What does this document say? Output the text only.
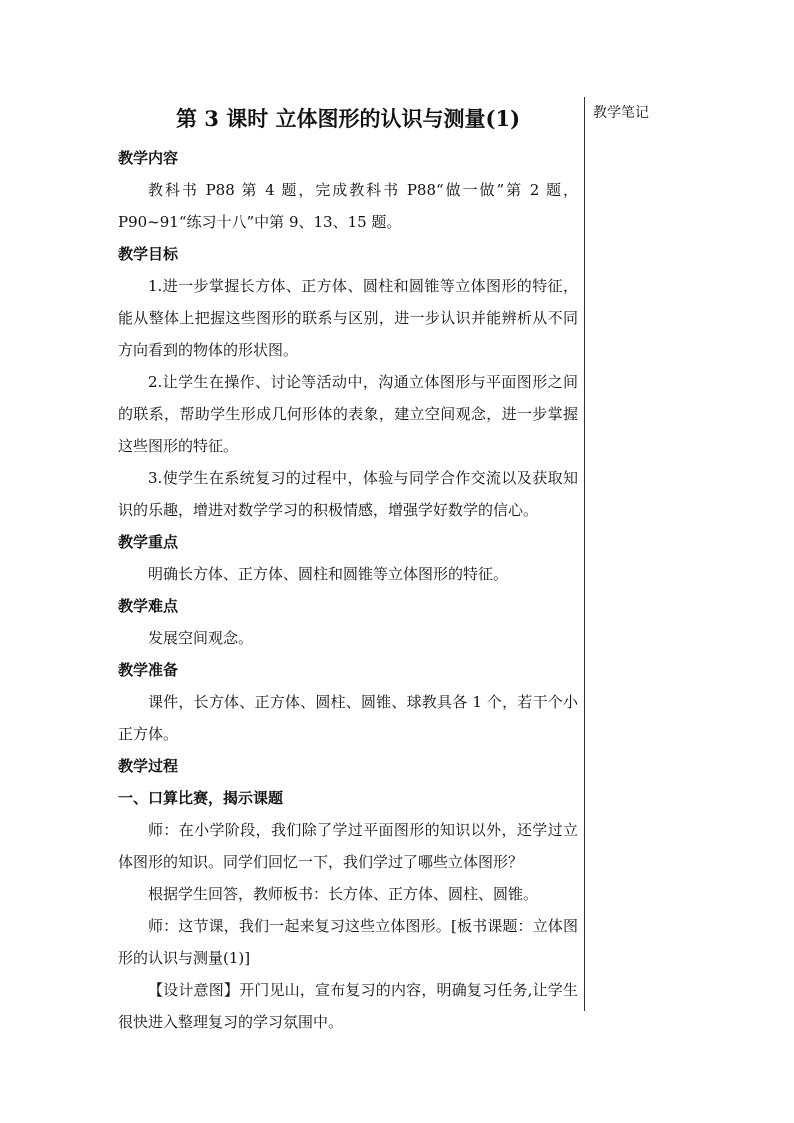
教学笔记

第 3 课时 立体图形的认识与测量(1)

教学内容

教科书 P88 第 4 题，完成教科书 P88“做一做”第 2 题，P90~91“练习十八”中第 9、13、15 题。

教学目标

1.进一步掌握长方体、正方体、圆柱和圆锥等立体图形的特征，能从整体上把握这些图形的联系与区别，进一步认识并能辨析从不同方向看到的物体的形状图。

2.让学生在操作、讨论等活动中，沟通立体图形与平面图形之间的联系，帮助学生形成几何形体的表象，建立空间观念，进一步掌握这些图形的特征。

3.使学生在系统复习的过程中，体验与同学合作交流以及获取知识的乐趣，增进对数学学习的积极情感，增强学好数学的信心。

教学重点

明确长方体、正方体、圆柱和圆锥等立体图形的特征。

教学难点

发展空间观念。

教学准备

课件，长方体、正方体、圆柱、圆锥、球教具各 1 个，若干个小正方体。

教学过程

一、口算比赛，揭示课题

师：在小学阶段，我们除了学过平面图形的知识以外，还学过立体图形的知识。同学们回忆一下，我们学过了哪些立体图形？

根据学生回答，教师板书：长方体、正方体、圆柱、圆锥。

师：这节课，我们一起来复习这些立体图形。[板书课题：立体图形的认识与测量(1)]

【设计意图】开门见山，宣布复习的内容，明确复习任务,让学生很快进入整理复习的学习氛围中。
